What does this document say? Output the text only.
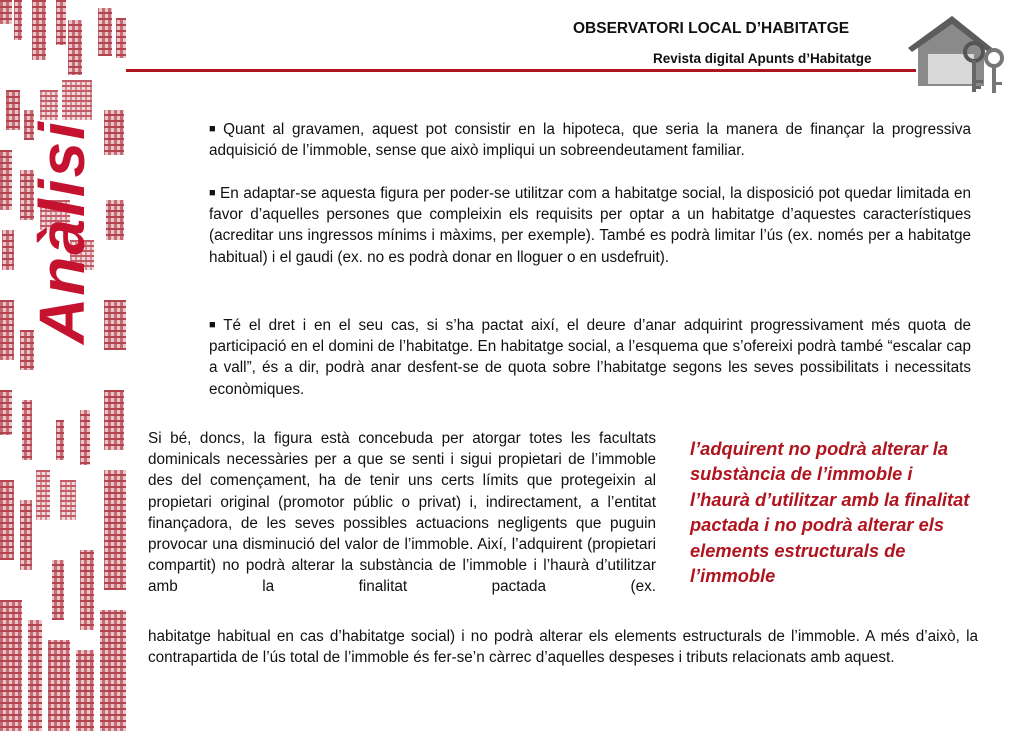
Anàlisi
OBSERVATORI LOCAL D’HABITATGE
Revista digital Apunts d’Habitatge
■ Quant al gravamen, aquest pot consistir en la hipoteca, que seria la manera de finançar la progressiva adquisició de l’immoble, sense que això impliqui un sobreendeutament familiar.
■ En adaptar-se aquesta figura per poder-se utilitzar com a habitatge social, la disposició pot quedar limitada en favor d’aquelles persones que compleixin els requisits per optar a un habitatge d’aquestes característiques (acreditar uns ingressos mínims i màxims, per exemple). També es podrà limitar l’ús (ex. només per a habitatge habitual) i el gaudi (ex. no es podrà donar en lloguer o en usdefruit).
■ Té el dret i en el seu cas, si s’ha pactat així, el deure d’anar adquirint progressivament més quota de participació en el domini de l’habitatge. En habitatge social, a l’esquema que s’ofereixi podrà també “escalar cap a vall”, és a dir, podrà anar desfent-se de quota sobre l’habitatge segons les seves possibilitats i necessitats econòmiques.
Si bé, doncs, la figura està concebuda per atorgar totes les facultats dominicals necessàries per a que se senti i sigui propietari de l’immoble des del començament, ha de tenir uns certs límits que protegeixin al propietari original (promotor públic o privat) i, indirectament, a l’entitat finançadora, de les seves possibles actuacions negligents que puguin provocar una disminució del valor de l’immoble. Així, l’adquirent (propietari compartit) no podrà alterar la substància de l’immoble i l’haurà d’utilitzar amb la finalitat pactada (ex.
l’adquirent no podrà alterar la substància de l’immoble i l’haurà d’utilitzar amb la finalitat pactada i no podrà alterar els elements estructurals de l’immoble
habitatge habitual en cas d’habitatge social) i no podrà alterar els elements estructurals de l’immoble. A més d’això, la contrapartida de l’ús total de l’immoble és fer-se’n càrrec d’aquelles despeses i tributs relacionats amb aquest.
